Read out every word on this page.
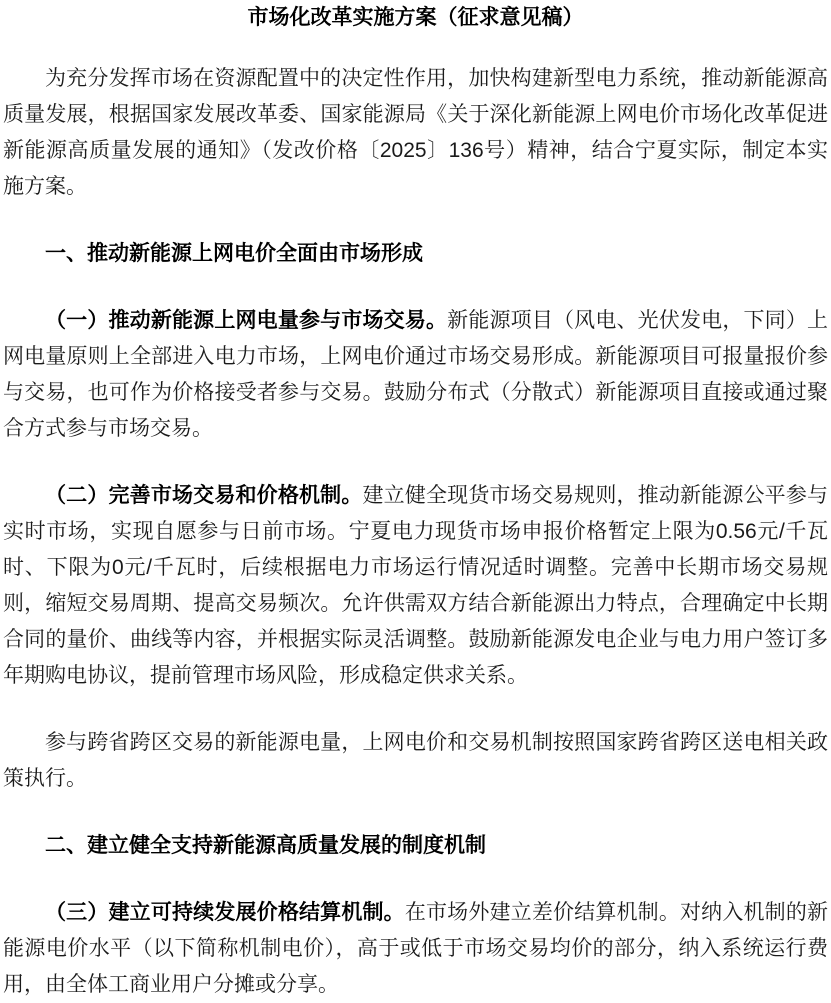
市场化改革实施方案（征求意见稿）

为充分发挥市场在资源配置中的决定性作用，加快构建新型电力系统，推动新能源高质量发展，根据国家发展改革委、国家能源局《关于深化新能源上网电价市场化改革促进新能源高质量发展的通知》（发改价格〔2025〕136号）精神，结合宁夏实际，制定本实施方案。

一、推动新能源上网电价全面由市场形成

（一）推动新能源上网电量参与市场交易。新能源项目（风电、光伏发电，下同）上网电量原则上全部进入电力市场，上网电价通过市场交易形成。新能源项目可报量报价参与交易，也可作为价格接受者参与交易。鼓励分布式（分散式）新能源项目直接或通过聚合方式参与市场交易。

（二）完善市场交易和价格机制。建立健全现货市场交易规则，推动新能源公平参与实时市场，实现自愿参与日前市场。宁夏电力现货市场申报价格暂定上限为0.56元/千瓦时、下限为0元/千瓦时，后续根据电力市场运行情况适时调整。完善中长期市场交易规则，缩短交易周期、提高交易频次。允许供需双方结合新能源出力特点，合理确定中长期合同的量价、曲线等内容，并根据实际灵活调整。鼓励新能源发电企业与电力用户签订多年期购电协议，提前管理市场风险，形成稳定供求关系。

参与跨省跨区交易的新能源电量，上网电价和交易机制按照国家跨省跨区送电相关政策执行。

二、建立健全支持新能源高质量发展的制度机制

（三）建立可持续发展价格结算机制。在市场外建立差价结算机制。对纳入机制的新能源电价水平（以下简称机制电价），高于或低于市场交易均价的部分，纳入系统运行费用，由全体工商业用户分摊或分享。
